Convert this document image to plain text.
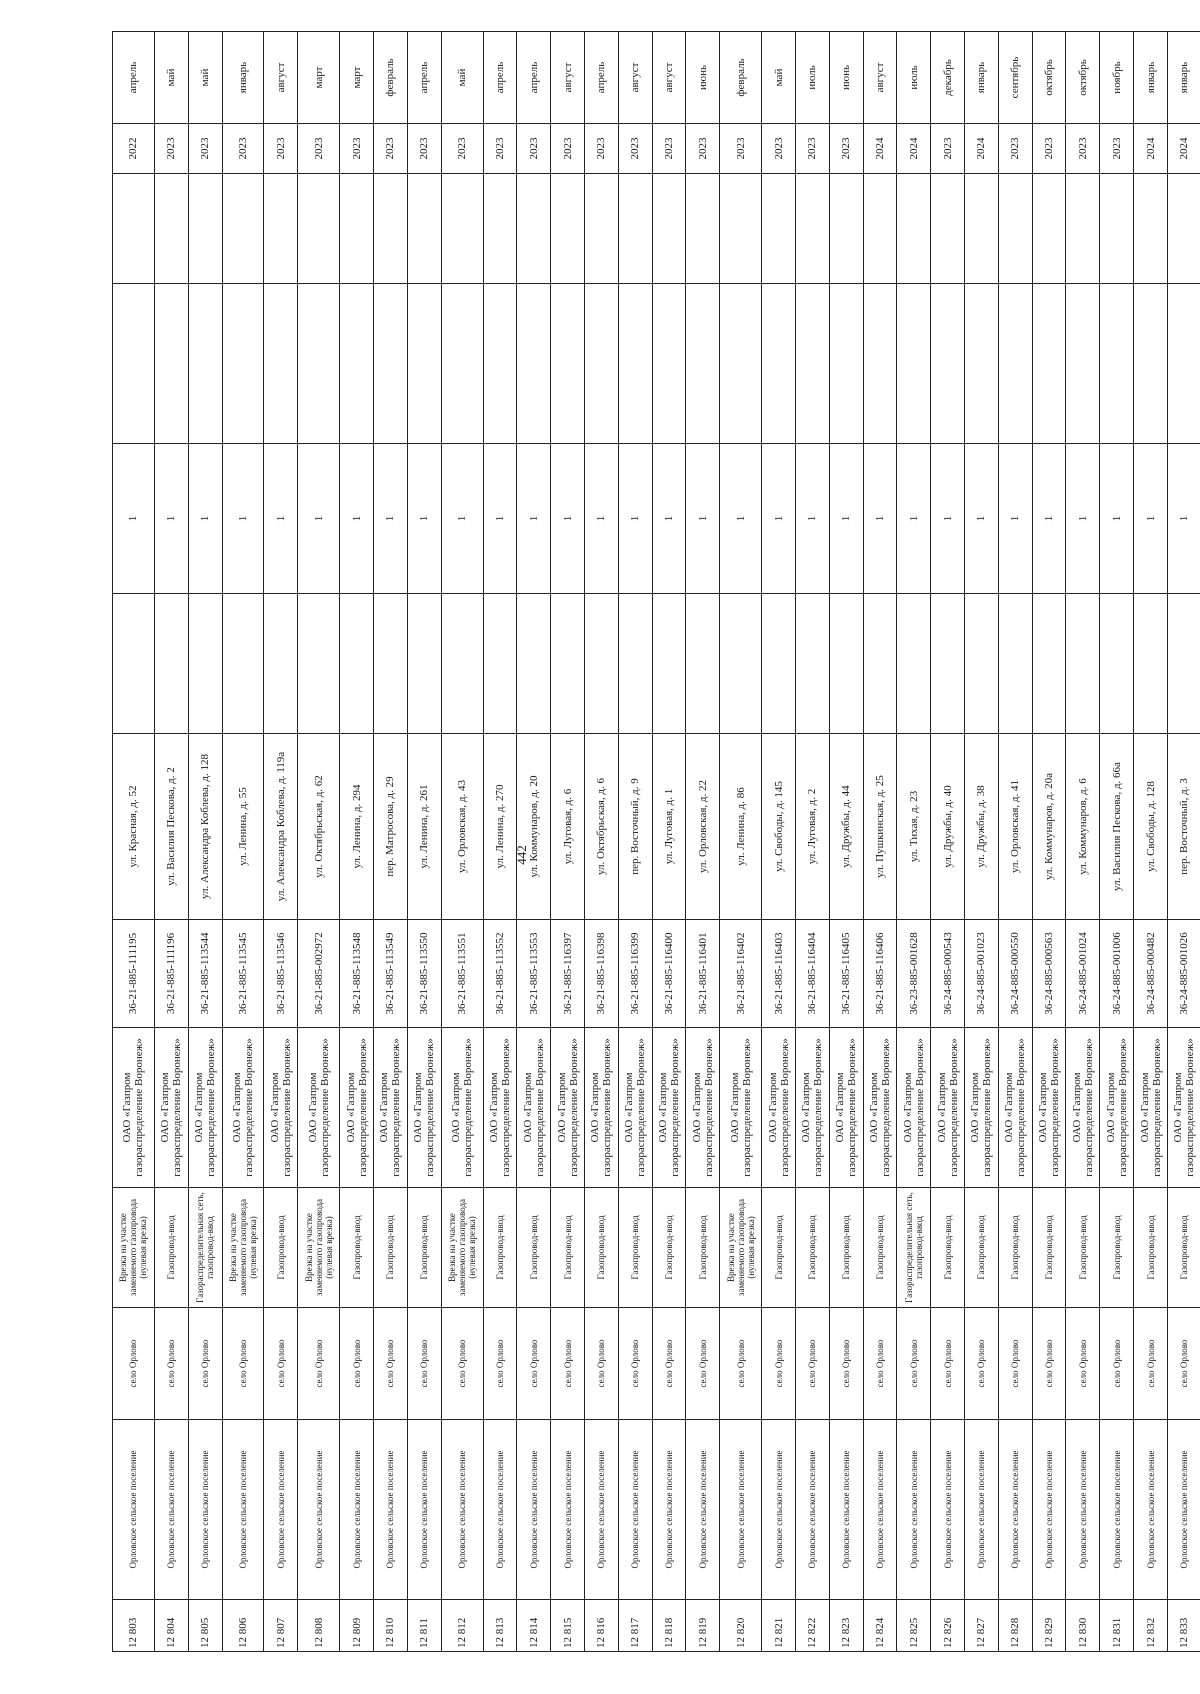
442
12 803	Орловское сельское поселение	село Орлово	Врезка на участке заменяемого газопровода (нулевая врезка)	ОАО «Газпром газораспределение Воронеж»	36-21-885-111195	ул. Красная, д. 52		1			2022	апрель
12 804	Орловское сельское поселение	село Орлово	Газопровод-ввод	ОАО «Газпром газораспределение Воронеж»	36-21-885-111196	ул. Василия Пескова, д. 2		1			2023	май
12 805	Орловское сельское поселение	село Орлово	Газораспределительная сеть, газопровод-ввод	ОАО «Газпром газораспределение Воронеж»	36-21-885-113544	ул. Александра Коблева, д. 128		1			2023	май
12 806	Орловское сельское поселение	село Орлово	Врезка на участке заменяемого газопровода (нулевая врезка)	ОАО «Газпром газораспределение Воронеж»	36-21-885-113545	ул. Ленина, д. 55		1			2023	январь
12 807	Орловское сельское поселение	село Орлово	Газопровод-ввод	ОАО «Газпром газораспределение Воронеж»	36-21-885-113546	ул. Александра Коблева, д. 119а		1			2023	август
12 808	Орловское сельское поселение	село Орлово	Врезка на участке заменяемого газопровода (нулевая врезка)	ОАО «Газпром газораспределение Воронеж»	36-21-885-002972	ул. Октябрьская, д. 62		1			2023	март
12 809	Орловское сельское поселение	село Орлово	Газопровод-ввод	ОАО «Газпром газораспределение Воронеж»	36-21-885-113548	ул. Ленина, д. 294		1			2023	март
12 810	Орловское сельское поселение	село Орлово	Газопровод-ввод	ОАО «Газпром газораспределение Воронеж»	36-21-885-113549	пер. Матросова, д. 29		1			2023	февраль
12 811	Орловское сельское поселение	село Орлово	Газопровод-ввод	ОАО «Газпром газораспределение Воронеж»	36-21-885-113550	ул. Ленина, д. 261		1			2023	апрель
12 812	Орловское сельское поселение	село Орлово	Врезка на участке заменяемого газопровода (нулевая врезка)	ОАО «Газпром газораспределение Воронеж»	36-21-885-113551	ул. Орловская, д. 43		1			2023	май
12 813	Орловское сельское поселение	село Орлово	Газопровод-ввод	ОАО «Газпром газораспределение Воронеж»	36-21-885-113552	ул. Ленина, д. 270		1			2023	апрель
12 814	Орловское сельское поселение	село Орлово	Газопровод-ввод	ОАО «Газпром газораспределение Воронеж»	36-21-885-113553	ул. Коммунаров, д. 20		1			2023	апрель
12 815	Орловское сельское поселение	село Орлово	Газопровод-ввод	ОАО «Газпром газораспределение Воронеж»	36-21-885-116397	ул. Луговая, д. 6		1			2023	август
12 816	Орловское сельское поселение	село Орлово	Газопровод-ввод	ОАО «Газпром газораспределение Воронеж»	36-21-885-116398	ул. Октябрьская, д. 6		1			2023	апрель
12 817	Орловское сельское поселение	село Орлово	Газопровод-ввод	ОАО «Газпром газораспределение Воронеж»	36-21-885-116399	пер. Восточный, д. 9		1			2023	август
12 818	Орловское сельское поселение	село Орлово	Газопровод-ввод	ОАО «Газпром газораспределение Воронеж»	36-21-885-116400	ул. Луговая, д. 1		1			2023	август
12 819	Орловское сельское поселение	село Орлово	Газопровод-ввод	ОАО «Газпром газораспределение Воронеж»	36-21-885-116401	ул. Орловская, д. 22		1			2023	июнь
12 820	Орловское сельское поселение	село Орлово	Врезка на участке заменяемого газопровода (нулевая врезка)	ОАО «Газпром газораспределение Воронеж»	36-21-885-116402	ул. Ленина, д. 86		1			2023	февраль
12 821	Орловское сельское поселение	село Орлово	Газопровод-ввод	ОАО «Газпром газораспределение Воронеж»	36-21-885-116403	ул. Свободы, д. 145		1			2023	май
12 822	Орловское сельское поселение	село Орлово	Газопровод-ввод	ОАО «Газпром газораспределение Воронеж»	36-21-885-116404	ул. Луговая, д. 2		1			2023	июль
12 823	Орловское сельское поселение	село Орлово	Газопровод-ввод	ОАО «Газпром газораспределение Воронеж»	36-21-885-116405	ул. Дружбы, д. 44		1			2023	июнь
12 824	Орловское сельское поселение	село Орлово	Газопровод-ввод	ОАО «Газпром газораспределение Воронеж»	36-21-885-116406	ул. Пушкинская, д. 25		1			2024	август
12 825	Орловское сельское поселение	село Орлово	Газораспределительная сеть, газопровод-ввод	ОАО «Газпром газораспределение Воронеж»	36-23-885-001628	ул. Тихая, д. 23		1			2024	июль
12 826	Орловское сельское поселение	село Орлово	Газопровод-ввод	ОАО «Газпром газораспределение Воронеж»	36-24-885-000543	ул. Дружбы, д. 40		1			2023	декабрь
12 827	Орловское сельское поселение	село Орлово	Газопровод-ввод	ОАО «Газпром газораспределение Воронеж»	36-24-885-001023	ул. Дружбы, д. 38		1			2024	январь
12 828	Орловское сельское поселение	село Орлово	Газопровод-ввод	ОАО «Газпром газораспределение Воронеж»	36-24-885-000550	ул. Орловская, д. 41		1			2023	сентябрь
12 829	Орловское сельское поселение	село Орлово	Газопровод-ввод	ОАО «Газпром газораспределение Воронеж»	36-24-885-000563	ул. Коммунаров, д. 20а		1			2023	октябрь
12 830	Орловское сельское поселение	село Орлово	Газопровод-ввод	ОАО «Газпром газораспределение Воронеж»	36-24-885-001024	ул. Коммунаров, д. 6		1			2023	октябрь
12 831	Орловское сельское поселение	село Орлово	Газопровод-ввод	ОАО «Газпром газораспределение Воронеж»	36-24-885-001006	ул. Василия Пескова, д. 66а		1			2023	ноябрь
12 832	Орловское сельское поселение	село Орлово	Газопровод-ввод	ОАО «Газпром газораспределение Воронеж»	36-24-885-000482	ул. Свободы, д. 128		1			2024	январь
12 833	Орловское сельское поселение	село Орлово	Газопровод-ввод	ОАО «Газпром газораспределение Воронеж»	36-24-885-001026	пер. Восточный, д. 3		1			2024	январь
